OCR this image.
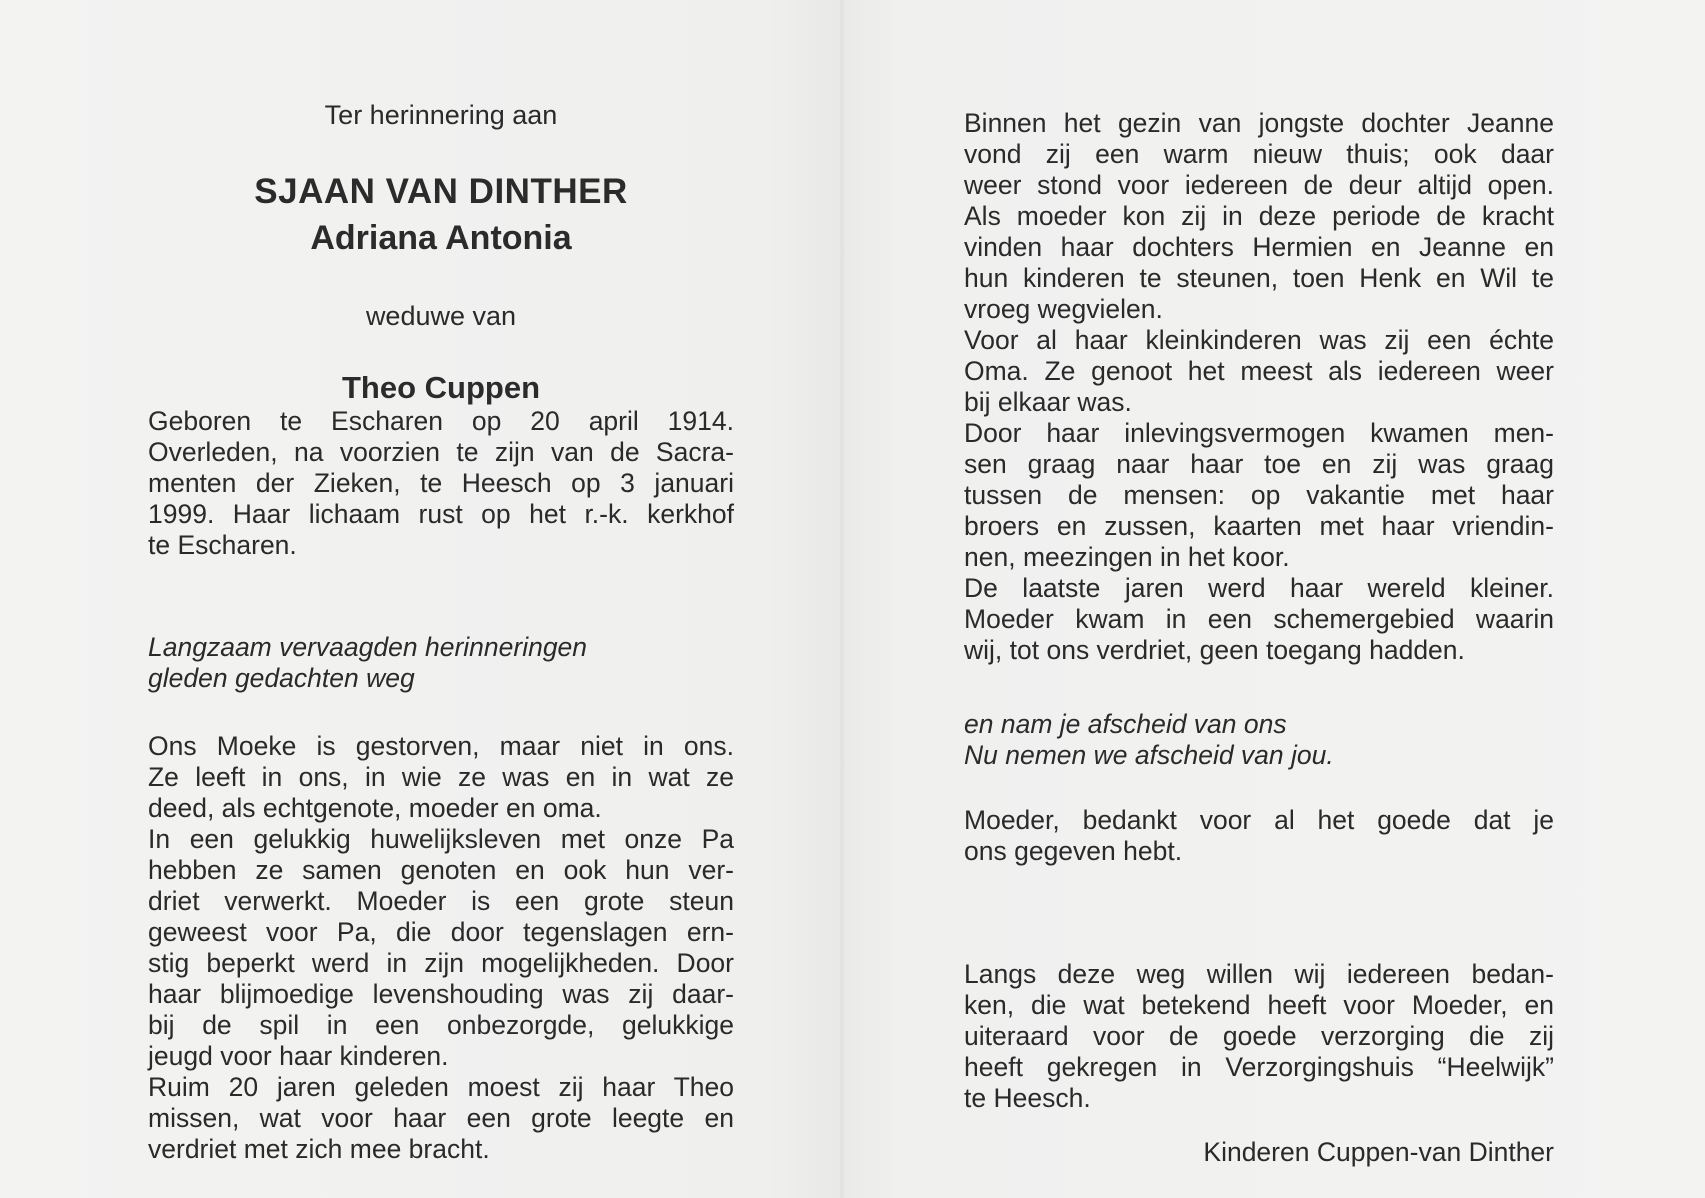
Ter herinnering aan

SJAAN VAN DINTHER

Adriana Antonia

weduwe van

Theo Cuppen

Geboren te Escharen op 20 april 1914.
Overleden, na voorzien te zijn van de Sacra-
menten der Zieken, te Heesch op 3 januari
1999. Haar lichaam rust op het r.-k. kerkhof
te Escharen.
Langzaam vervaagden herinneringen
gleden gedachten weg
Ons Moeke is gestorven, maar niet in ons.
Ze leeft in ons, in wie ze was en in wat ze
deed, als echtgenote, moeder en oma.
In een gelukkig huwelijksleven met onze Pa
hebben ze samen genoten en ook hun ver-
driet verwerkt. Moeder is een grote steun
geweest voor Pa, die door tegenslagen ern-
stig beperkt werd in zijn mogelijkheden. Door
haar blijmoedige levenshouding was zij daar-
bij de spil in een onbezorgde, gelukkige
jeugd voor haar kinderen.
Ruim 20 jaren geleden moest zij haar Theo
missen, wat voor haar een grote leegte en
verdriet met zich mee bracht.
Binnen het gezin van jongste dochter Jeanne
vond zij een warm nieuw thuis; ook daar
weer stond voor iedereen de deur altijd open.
Als moeder kon zij in deze periode de kracht
vinden haar dochters Hermien en Jeanne en
hun kinderen te steunen, toen Henk en Wil te
vroeg wegvielen.
Voor al haar kleinkinderen was zij een échte
Oma. Ze genoot het meest als iedereen weer
bij elkaar was.
Door haar inlevingsvermogen kwamen men-
sen graag naar haar toe en zij was graag
tussen de mensen: op vakantie met haar
broers en zussen, kaarten met haar vriendin-
nen, meezingen in het koor.
De laatste jaren werd haar wereld kleiner.
Moeder kwam in een schemergebied waarin
wij, tot ons verdriet, geen toegang hadden.
en nam je afscheid van ons
Nu nemen we afscheid van jou.
Moeder, bedankt voor al het goede dat je
ons gegeven hebt.
Langs deze weg willen wij iedereen bedan-
ken, die wat betekend heeft voor Moeder, en
uiteraard voor de goede verzorging die zij
heeft gekregen in Verzorgingshuis “Heelwijk”
te Heesch.
Kinderen Cuppen-van Dinther
